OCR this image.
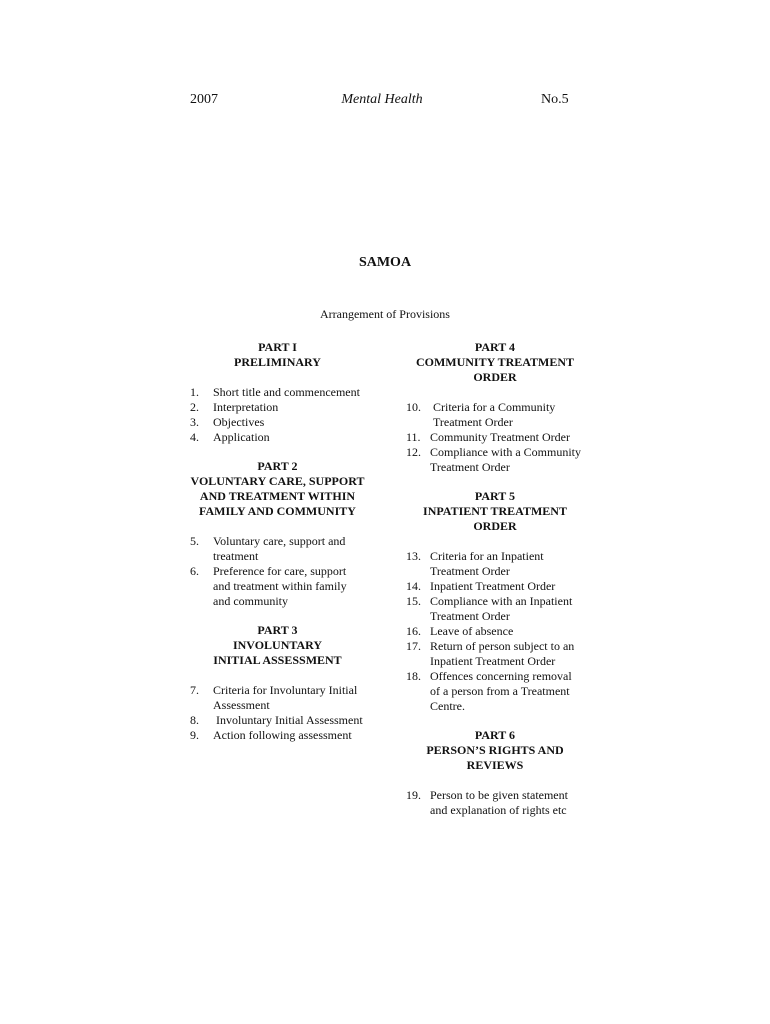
2007	Mental Health	No.5
SAMOA
Arrangement of Provisions
PART I
PRELIMINARY
1.	Short title and commencement
2.	Interpretation
3.	Objectives
4.	Application
PART 2
VOLUNTARY CARE, SUPPORT AND TREATMENT WITHIN FAMILY AND COMMUNITY
5.	Voluntary care, support and treatment
6.	Preference for care, support and treatment within family and community
PART 3
INVOLUNTARY INITIAL ASSESSMENT
7.	Criteria for Involuntary Initial Assessment
8.	Involuntary Initial Assessment
9.	Action following assessment
PART 4
COMMUNITY TREATMENT ORDER
10.	Criteria for a Community Treatment Order
11. Community Treatment Order
12. Compliance with a Community Treatment Order
PART 5
INPATIENT TREATMENT ORDER
13. Criteria for an Inpatient Treatment Order
14. Inpatient Treatment Order
15. Compliance with an Inpatient Treatment Order
16. Leave of absence
17. Return of person subject to an Inpatient Treatment Order
18. Offences concerning removal of a person from a Treatment Centre.
PART 6
PERSON’S RIGHTS AND REVIEWS
19. Person to be given statement and explanation of rights etc
